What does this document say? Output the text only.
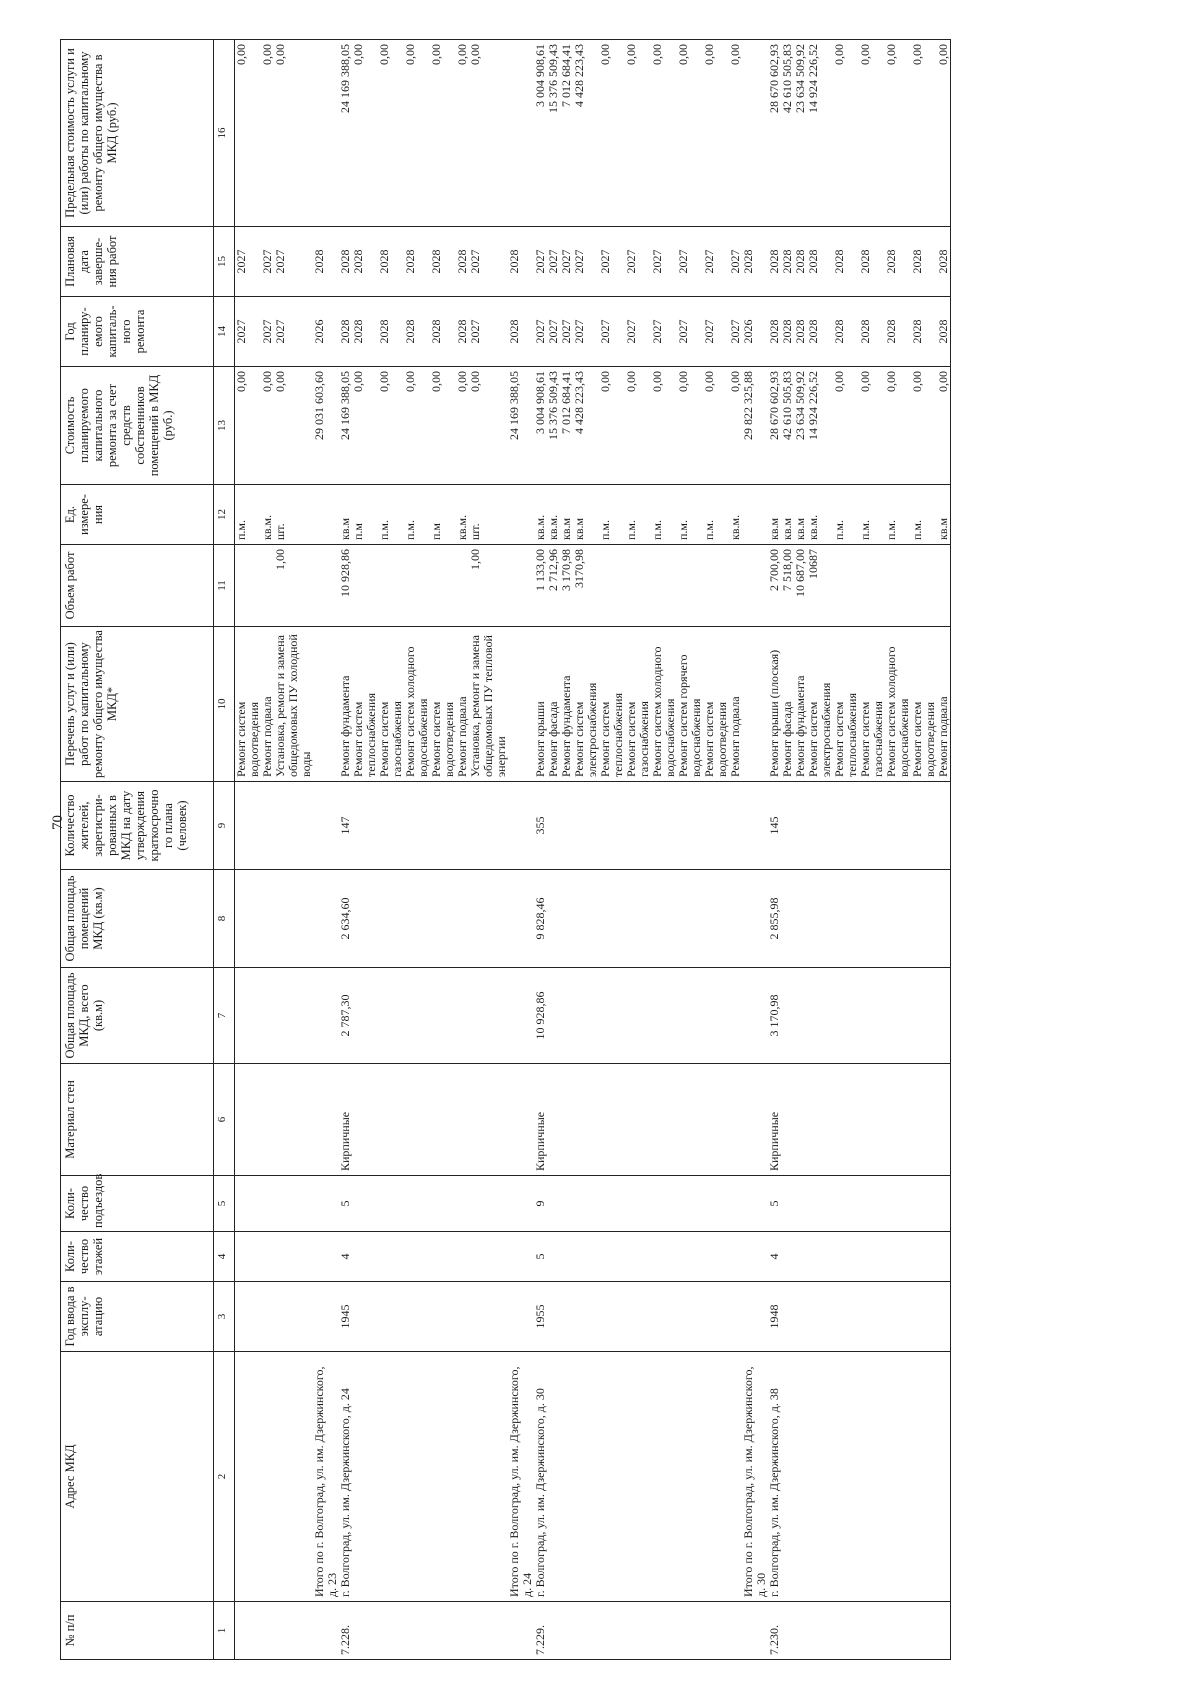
70
№ п/п	Адрес МКД	Год ввода в эксплу-атацию	Коли-чество этажей	Коли-чество подъездов	Материал стен	Общая площадь МКД, всего (кв.м)	Общая площадь помещений МКД (кв.м)	Количество жителей, зарегистри-рованных в МКД на дату утверждения краткосрочно го плана (человек)	Перечень услуг и (или) работ по капитальному ремонту общего имущества МКД*	Объем работ	Ед. измере-ния	Стоимость планируемого капитального ремонта за счет средств собственников помещений в МКД (руб.)	Год планиру-емого капиталь-ного ремонта	Плановая дата заверше-ния работ	Предельная стоимость услуги и (или) работы по капитальному ремонту общего имущества в МКД (руб.)
1	2	3	4	5	6	7	8	9	10	11	12	13	14	15	16
									Ремонт систем водоотведения		п.м.	0,00	2027	2027	0,00
									Ремонт подвала		кв.м.	0,00	2027	2027	0,00
									Установка, ремонт и замена общедомовых ПУ холодной воды	1,00	шт.	0,00	2027	2027	0,00
	Итого по г. Волгоград, ул. им. Дзержинского, д. 23											29 031 603,60	2026	2028	
7.228.	г. Волгоград, ул. им. Дзержинского, д. 24	1945	4	5	Кирпичные	2 787,30	2 634,60	147	Ремонт фундамента	10 928,86	кв.м	24 169 388,05	2028	2028	24 169 388,05
									Ремонт систем теплоснабжения		п.м	0,00	2028	2028	0,00
									Ремонт систем газоснабжения		п.м.	0,00	2028	2028	0,00
									Ремонт систем холодного водоснабжения		п.м.	0,00	2028	2028	0,00
									Ремонт систем водоотведения		п.м	0,00	2028	2028	0,00
									Ремонт подвала		кв.м.	0,00	2028	2028	0,00
									Установка, ремонт и замена общедомовых ПУ тепловой энергии	1,00	шт.	0,00	2027	2027	0,00
	Итого по г. Волгоград, ул. им. Дзержинского, д. 24											24 169 388,05	2028	2028	
7.229.	г. Волгоград, ул. им. Дзержинского, д. 30	1955	5	9	Кирпичные	10 928,86	9 828,46	355	Ремонт крыши	1 133,00	кв.м.	3 004 908,61	2027	2027	3 004 908,61
									Ремонт фасада	2 712,96	кв.м.	15 376 509,43	2027	2027	15 376 509,43
									Ремонт фундамента	3 170,98	кв.м	7 012 684,41	2027	2027	7 012 684,41
									Ремонт систем электроснабжения	3170,98	кв.м	4 428 223,43	2027	2027	4 428 223,43
									Ремонт систем теплоснабжения		п.м.	0,00	2027	2027	0,00
									Ремонт систем газоснабжения		п.м.	0,00	2027	2027	0,00
									Ремонт систем холодного водоснабжения		п.м.	0,00	2027	2027	0,00
									Ремонт систем горячего водоснабжения		п.м.	0,00	2027	2027	0,00
									Ремонт систем водоотведения		п.м.	0,00	2027	2027	0,00
									Ремонт подвала		кв.м.	0,00	2027	2027	0,00
	Итого по г. Волгоград, ул. им. Дзержинского, д. 30											29 822 325,88	2026	2028	
7.230.	г. Волгоград, ул. им. Дзержинского, д. 38	1948	4	5	Кирпичные	3 170,98	2 855,98	145	Ремонт крыши (плоская)	2 700,00	кв.м	28 670 602,93	2028	2028	28 670 602,93
									Ремонт фасада	7 518,00	кв.м	42 610 505,83	2028	2028	42 610 505,83
									Ремонт фундамента	10 687,00	кв.м	23 634 509,92	2028	2028	23 634 509,92
									Ремонт систем электроснабжения	10687	кв.м.	14 924 226,52	2028	2028	14 924 226,52
									Ремонт систем теплоснабжения		п.м.	0,00	2028	2028	0,00
									Ремонт систем газоснабжения		п.м.	0,00	2028	2028	0,00
									Ремонт систем холодного водоснабжения		п.м.	0,00	2028	2028	0,00
									Ремонт систем водоотведения		п.м.	0,00	2028	2028	0,00
									Ремонт подвала		кв.м	0,00	2028	2028	0,00
